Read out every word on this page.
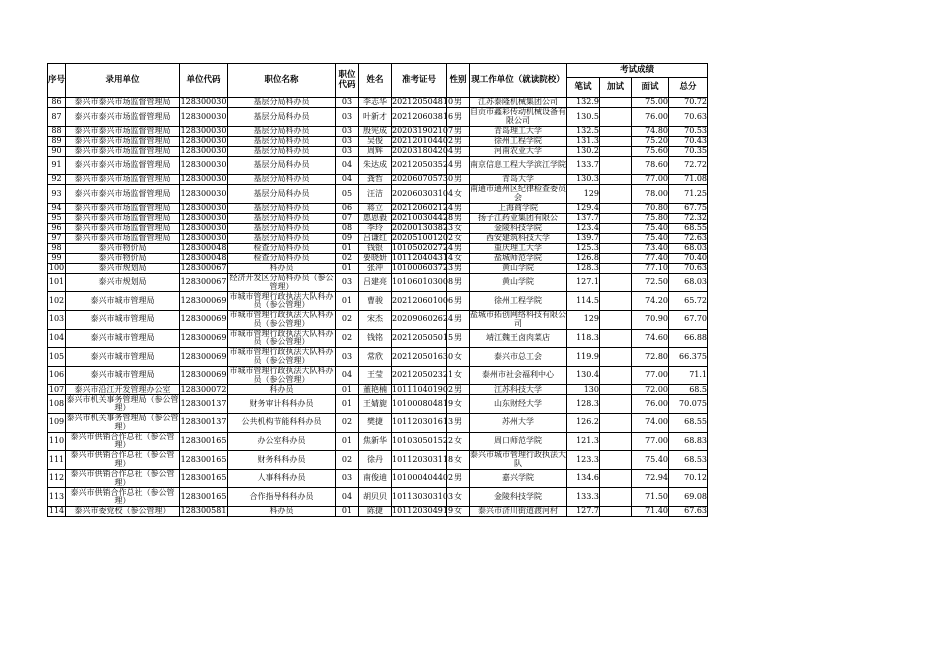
序号	录用单位	单位代码	职位名称	职位代码	姓名	准考证号	性别	现工作单位（就读院校）	考试成绩			
									笔试	加试	面试	总分
86	泰兴市泰兴市场监督管理局	128300030	基层分局科办员	03	李志华	202120504810	男	江苏泰隆机械集团公司	132.9		75.00	70.72
87	泰兴市泰兴市场监督管理局	128300030	基层分局科办员	03	叶新才	202120603816	男	自贡市鑫彩传动机械设备有限公司	130.5		76.00	70.63
88	泰兴市泰兴市场监督管理局	128300030	基层分局科办员	03	殷宪成	202031902107	男	青岛理工大学	132.5		74.80	70.53
89	泰兴市泰兴市场监督管理局	128300030	基层分局科办员	03	吴俊	202120104402	男	徐州工程学院	131.3		75.20	70.43
90	泰兴市泰兴市场监督管理局	128300030	基层分局科办员	03	周辉	202031804204	男	河南农业大学	130.2		75.60	70.35
91	泰兴市泰兴市场监督管理局	128300030	基层分局科办员	04	朱达成	202120503524	男	南京信息工程大学滨江学院	133.7		78.60	72.72
92	泰兴市泰兴市场监督管理局	128300030	基层分局科办员	04	龚哲	202060705730	男	青岛大学	130.3		77.00	71.08
93	泰兴市泰兴市场监督管理局	128300030	基层分局科办员	05	汪洁	202060303104	女	南通市通州区纪律检查委员会	129		78.00	71.25
94	泰兴市泰兴市场监督管理局	128300030	基层分局科办员	06	蒋立	202120602124	男	上海商学院	129.4		70.80	67.75
95	泰兴市泰兴市场监督管理局	128300030	基层分局科办员	07	惠恩毅	202100304428	男	扬子江药业集团有限公	137.7		75.80	72.32
96	泰兴市泰兴市场监督管理局	128300030	基层分局科办员	08	李玲	202001303823	女	金陵科技学院	123.4		75.40	68.55
97	泰兴市泰兴市场监督管理局	128300030	基层分局科办员	09	吕谦红	202051001202	女	西安建筑科技大学	139.7		75.40	72.63
98	泰兴市物价局	128300048	检查分局科办员	01	钱银	101050202724	男	重庆理工大学	125.3		73.40	68.03
99	泰兴市物价局	128300048	检查分局科办员	02	要晓妍	101120404314	女	盐城师范学院	126.8		77.40	70.40
100	泰兴市规划局	128300067	科办员	01	张冲	101000603723	男	黄山学院	128.3		77.10	70.63
101	泰兴市规划局	128300067	经济开发区分局科办员（参公管理）	03	吕建亮	101060103008	男	黄山学院	127.1		72.50	68.03
102	泰兴市城市管理局	128300069	市城市管理行政执法大队科办员（参公管理）	01	曹骏	202120601006	男	徐州工程学院	114.5		74.20	65.72
103	泰兴市城市管理局	128300069	市城市管理行政执法大队科办员（参公管理）	02	宋杰	202090602624	男	盐城市拓创网络科技有限公司	129		70.90	67.70
104	泰兴市城市管理局	128300069	市城市管理行政执法大队科办员（参公管理）	02	钱铭	202120505015	男	靖江魏王卤肉菜店	118.3		74.60	66.88
105	泰兴市城市管理局	128300069	市城市管理行政执法大队科办员（参公管理）	03	常欣	202120501630	女	泰兴市总工会	119.9		72.80	66.375
106	泰兴市城市管理局	128300069	市城市管理行政执法大队科办员（参公管理）	04	王莹	202120502321	女	泰州市社会福利中心	130.4		77.00	71.1
107	泰兴市沿江开发管理办公室	128300072	科办员	01	董艳楠	101110401902	男	江苏科技大学	130		72.00	68.5
108	泰兴市机关事务管理局（参公管理）	128300137	财务审计科科办员	01	王婧旎	101000804819	女	山东财经大学	128.3		76.00	70.075
109	泰兴市机关事务管理局（参公管理）	128300137	公共机构节能科科办员	02	樊捷	101120301613	男	苏州大学	126.2		74.00	68.55
110	泰兴市供销合作总社（参公管理）	128300165	办公室科办员	01	焦新华	101030501522	女	周口师范学院	121.3		77.00	68.83
111	泰兴市供销合作总社（参公管理）	128300165	财务科科办员	02	徐丹	101120303118	女	泰兴市城市管理行政执法大队	123.3		75.40	68.53
112	泰兴市供销合作总社（参公管理）	128300165	人事科科办员	03	南俊迪	101000404402	男	嘉兴学院	134.6		72.94	70.12
113	泰兴市供销合作总社（参公管理）	128300165	合作指导科科办员	04	胡贝贝	101130303103	女	金陵科技学院	133.3		71.50	69.08
114	泰兴市委党校（参公管理）	128300581	科办员	01	陈捷	101120304919	女	泰兴市济川街道渡河村	127.7		71.40	67.63
